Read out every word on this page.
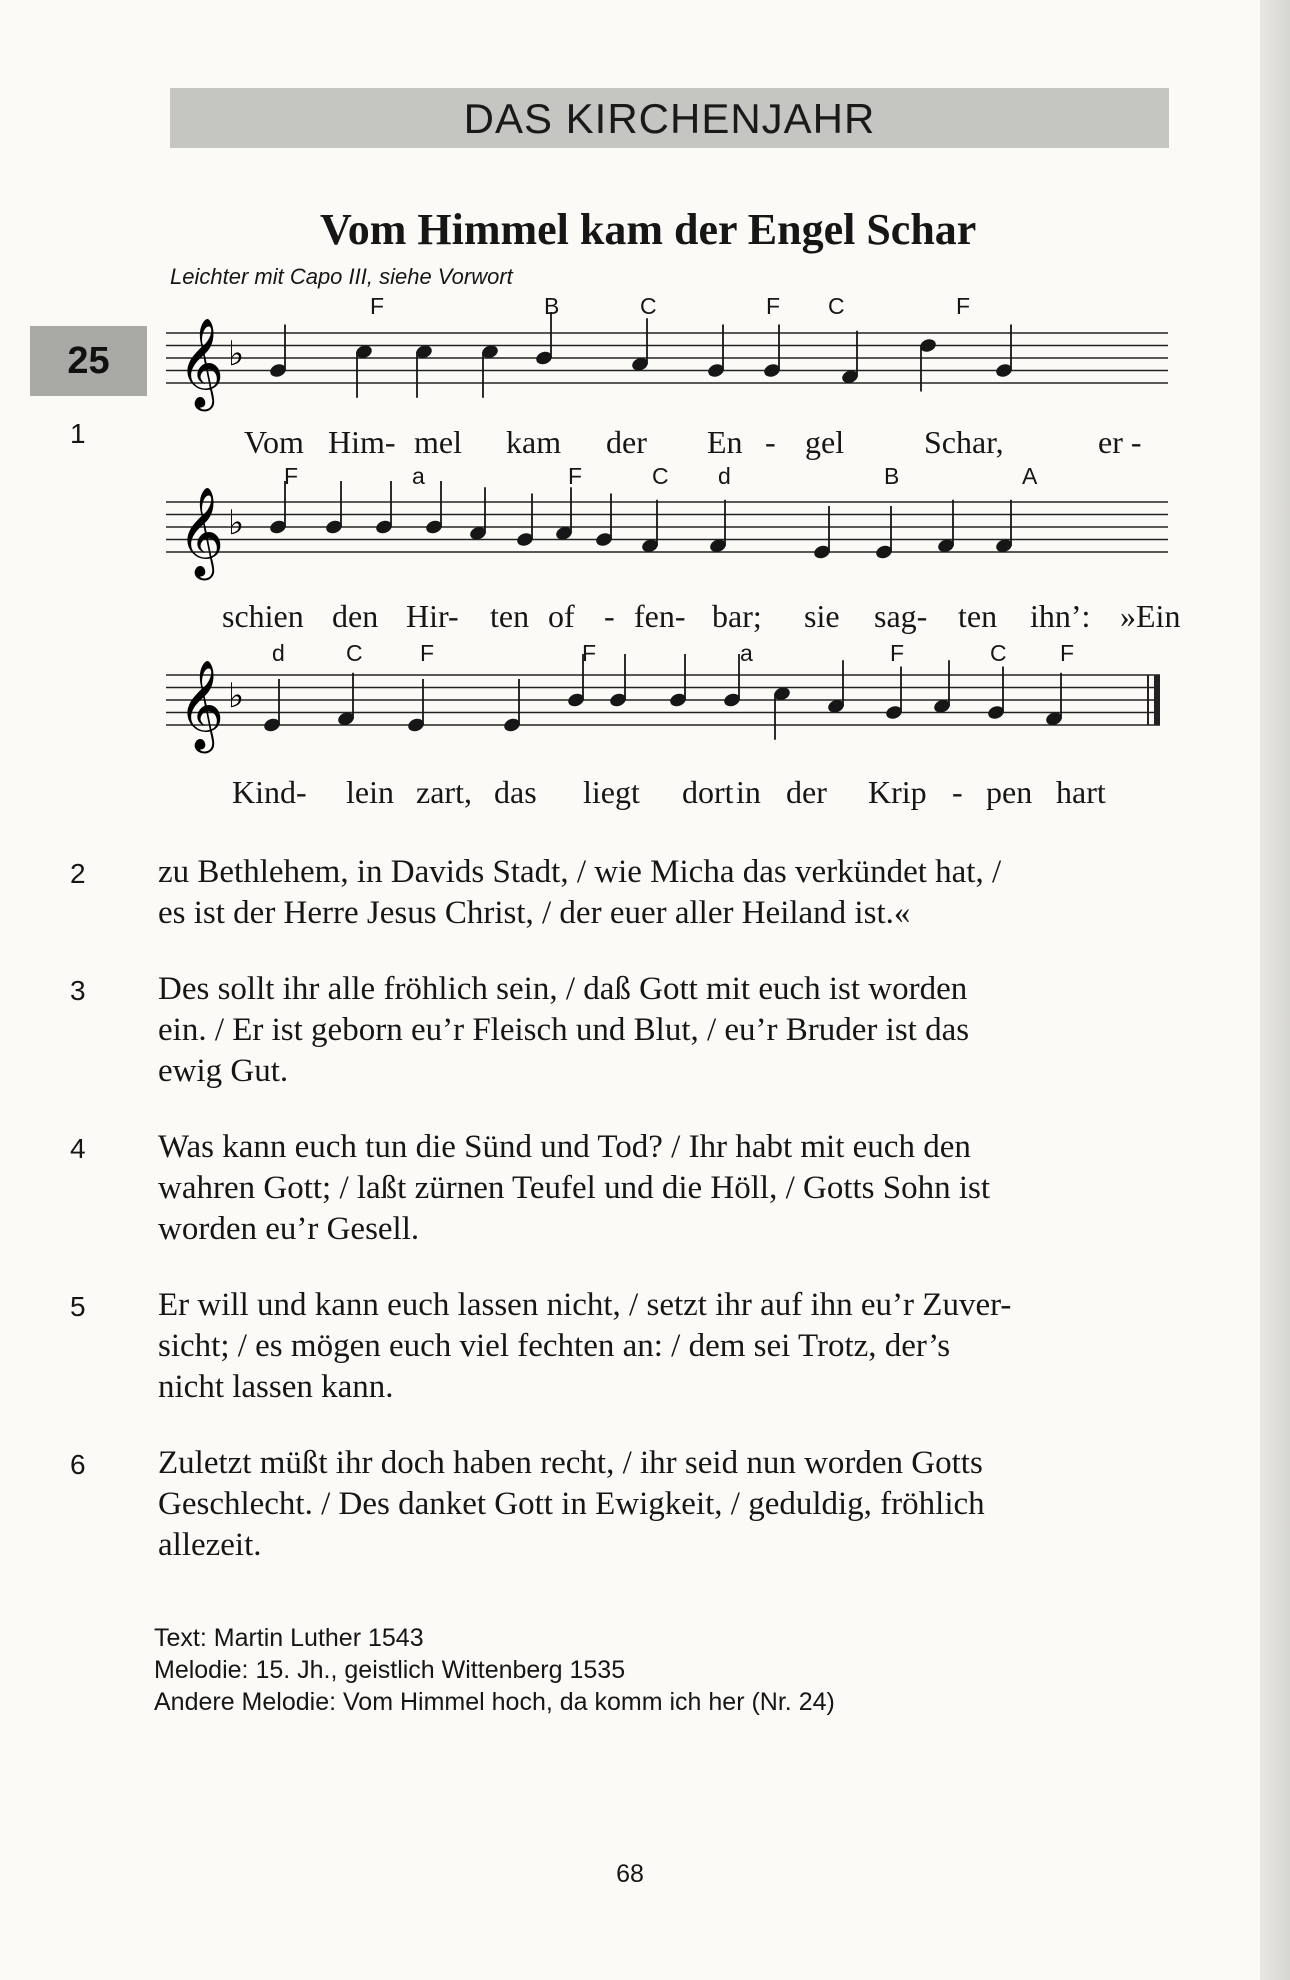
DAS KIRCHENJAHR
25
Vom Himmel kam der Engel Schar
Leichter mit Capo III, siehe Vorwort
𝄞 ♭
𝄞 ♭
𝄞 ♭
F	B	C	F C	F
F	a	F	C d	B	A
d	C F	F	a	F	C F
1	Vom Him- mel kam der En - gel Schar,	er -
schien den Hir- ten of - fen- bar; sie sag- ten ihn’: »Ein
Kind- lein zart, das liegt dort in der Krip - pen hart
2	zu Bethlehem, in Davids Stadt, / wie Micha das verkündet hat, /
es ist der Herre Jesus Christ, / der euer aller Heiland ist.«
3	Des sollt ihr alle fröhlich sein, / daß Gott mit euch ist worden
ein. / Er ist geborn eu’r Fleisch und Blut, / eu’r Bruder ist das
ewig Gut.
4	Was kann euch tun die Sünd und Tod? / Ihr habt mit euch den
wahren Gott; / laßt zürnen Teufel und die Höll, / Gotts Sohn ist
worden eu’r Gesell.
5	Er will und kann euch lassen nicht, / setzt ihr auf ihn eu’r Zuver-
sicht; / es mögen euch viel fechten an: / dem sei Trotz, der’s
nicht lassen kann.
6	Zuletzt müßt ihr doch haben recht, / ihr seid nun worden Gotts
Geschlecht. / Des danket Gott in Ewigkeit, / geduldig, fröhlich
allezeit.
Text: Martin Luther 1543
Melodie: 15. Jh., geistlich Wittenberg 1535
Andere Melodie: Vom Himmel hoch, da komm ich her (Nr. 24)
68
